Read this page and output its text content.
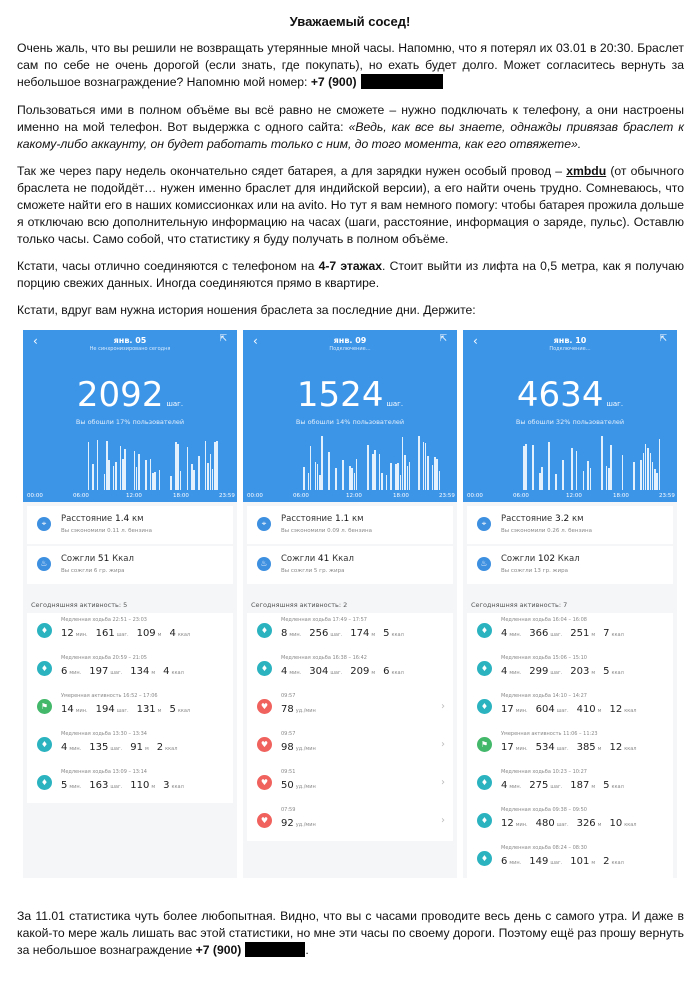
Уважаемый сосед!

Очень жаль, что вы решили не возвращать утерянные мной часы. Напомню, что я потерял их 03.01 в 20:30. Браслет сам по себе не очень дорогой (если знать, где покупать), но ехать будет долго. Может согласитесь вернуть за небольшое вознаграждение? Напомню мой номер: +7 (900)

Пользоваться ими в полном объёме вы всё равно не сможете – нужно подключать к телефону, а они настроены именно на мой телефон. Вот выдержка с одного сайта: «Ведь, как все вы знаете, однажды привязав браслет к какому-либо аккаунту, он будет работать только с ним, до того момента, как его отвяжете».

Так же через пару недель окончательно сядет батарея, а для зарядки нужен особый провод – xmbdu (от обычного браслета не подойдёт… нужен именно браслет для индийской версии), а его найти очень трудно. Сомневаюсь, что сможете найти его в наших комиссионках или на avito. Но тут я вам немного помогу: чтобы батарея прожила дольше я отключаю всю дополнительную информацию на часах (шаги, расстояние, информация о заряде, пульс). Оставлю только часы. Само собой, что статистику я буду получать в полном объёме.

Кстати, часы отлично соединяются с телефоном на 4-7 этажах. Стоит выйти из лифта на 0,5 метра, как я получаю порцию свежих данных. Иногда соединяются прямо в квартире.

Кстати, вдруг вам нужна история ношения браслета за последние дни. Держите:

‹	⇱
янв. 05
Не синхронизировано сегодня
2092 шаг.
Вы обошли 17% пользователей
00:00	06:00	12:00	18:00	23:59
⌖	Расстояние 1.4 км
Вы сэкономили 0.11 л. бензина
♨	Сожгли 51 Ккал
Вы сожгли 6 гр. жира
Сегодняшняя активность: 5
♦
Медленная ходьба 22:51 – 23:03
12 мин. 161 шаг. 109 м 4 ккал
♦
Медленная ходьба 20:59 – 21:05
6 мин. 197 шаг. 134 м 4 ккал
⚑
Умеренная активность 16:52 – 17:06
14 мин. 194 шаг. 131 м 5 ккал
♦
Медленная ходьба 13:30 – 13:34
4 мин. 135 шаг. 91 м 2 ккал
♦
Медленная ходьба 13:09 – 13:14
5 мин. 163 шаг. 110 м 3 ккал
‹	⇱
янв. 09
Подключение…
1524 шаг.
Вы обошли 14% пользователей
00:00	06:00	12:00	18:00	23:59
⌖	Расстояние 1.1 км
Вы сэкономили 0.09 л. бензина
♨	Сожгли 41 Ккал
Вы сожгли 5 гр. жира
Сегодняшняя активность: 2
♦
Медленная ходьба 17:49 – 17:57
8 мин. 256 шаг. 174 м 5 ккал
♦
Медленная ходьба 16:38 – 16:42
4 мин. 304 шаг. 209 м 6 ккал
♥
09:57
78 уд./мин	›
♥
09:57
98 уд./мин	›
♥
09:51
50 уд./мин	›
♥
07:59
92 уд./мин	›
‹	⇱
янв. 10
Подключение…
4634 шаг.
Вы обошли 32% пользователей
00:00	06:00	12:00	18:00	23:59
⌖	Расстояние 3.2 км
Вы сэкономили 0.26 л. бензина
♨	Сожгли 102 Ккал
Вы сожгли 13 гр. жира
Сегодняшняя активность: 7
♦
Медленная ходьба 16:04 – 16:08
4 мин. 366 шаг. 251 м 7 ккал
♦
Медленная ходьба 15:06 – 15:10
4 мин. 299 шаг. 203 м 5 ккал
♦
Медленная ходьба 14:10 – 14:27
17 мин. 604 шаг. 410 м 12 ккал
⚑
Умеренная активность 11:06 – 11:23
17 мин. 534 шаг. 385 м 12 ккал
♦
Медленная ходьба 10:23 – 10:27
4 мин. 275 шаг. 187 м 5 ккал
♦
Медленная ходьба 09:38 – 09:50
12 мин. 480 шаг. 326 м 10 ккал
♦
Медленная ходьба 08:24 – 08:30
6 мин. 149 шаг. 101 м 2 ккал

За 11.01 статистика чуть более любопытная. Видно, что вы с часами проводите весь день с самого утра. И даже в какой-то мере жаль лишать вас этой статистики, но мне эти часы по своему дороги. Поэтому ещё раз прошу вернуть за небольшое вознаграждение +7 (900)	.
